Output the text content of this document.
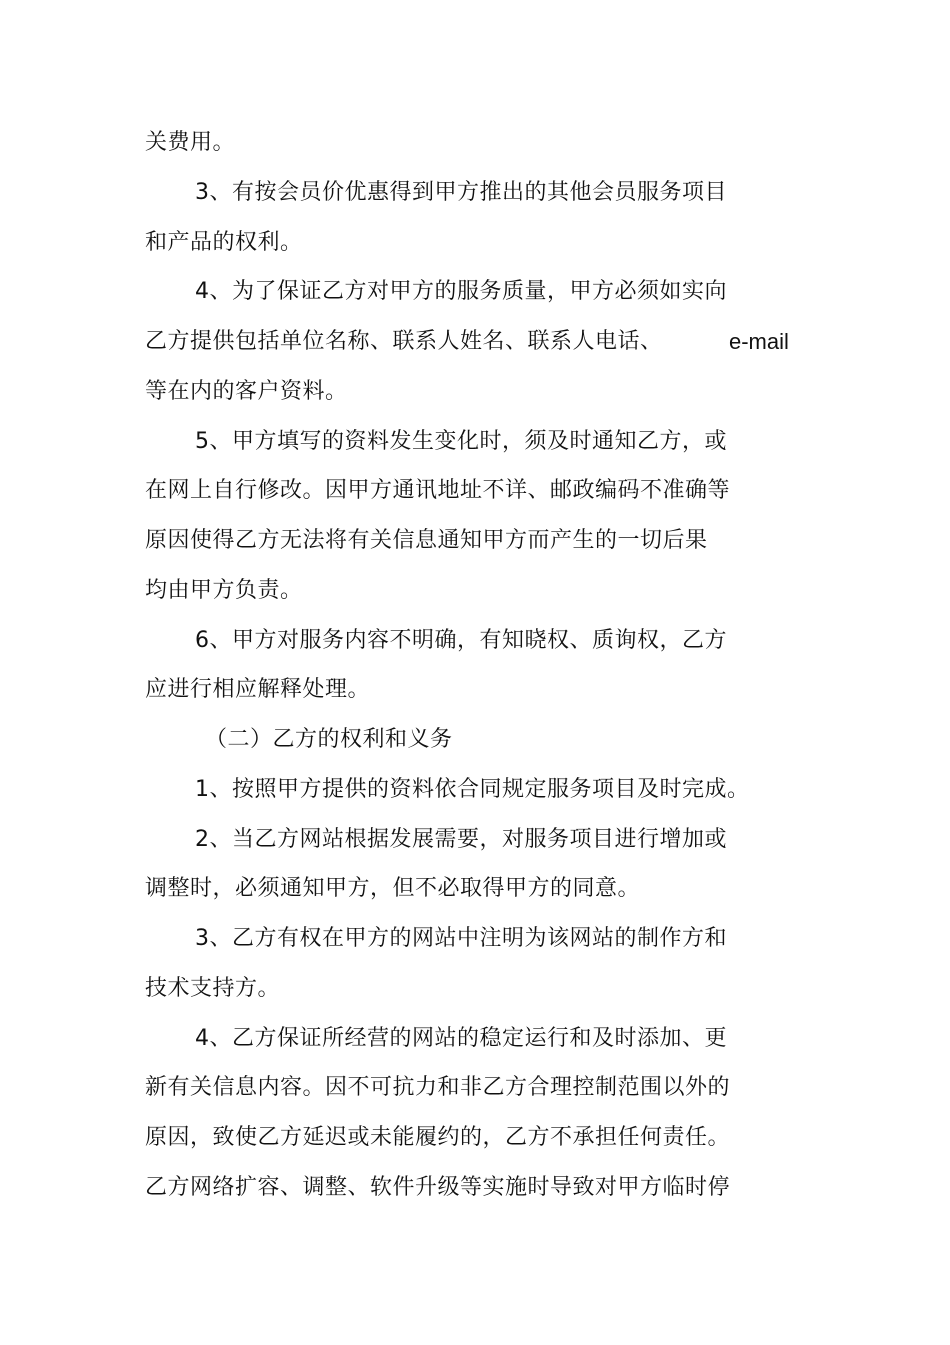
关费用。
3、有按会员价优惠得到甲方推出的其他会员服务项目
和产品的权利。
4、为了保证乙方对甲方的服务质量，甲方必须如实向
乙方提供包括单位名称、联系人姓名、联系人电话、	e-mail
等在内的客户资料。
5、甲方填写的资料发生变化时，须及时通知乙方，或
在网上自行修改。因甲方通讯地址不详、邮政编码不准确等
原因使得乙方无法将有关信息通知甲方而产生的一切后果
均由甲方负责。
6、甲方对服务内容不明确，有知晓权、质询权，乙方
应进行相应解释处理。
（二）乙方的权利和义务
1、按照甲方提供的资料依合同规定服务项目及时完成。
2、当乙方网站根据发展需要，对服务项目进行增加或
调整时，必须通知甲方，但不必取得甲方的同意。
3、乙方有权在甲方的网站中注明为该网站的制作方和
技术支持方。
4、乙方保证所经营的网站的稳定运行和及时添加、更
新有关信息内容。因不可抗力和非乙方合理控制范围以外的
原因，致使乙方延迟或未能履约的，乙方不承担任何责任。
乙方网络扩容、调整、软件升级等实施时导致对甲方临时停
